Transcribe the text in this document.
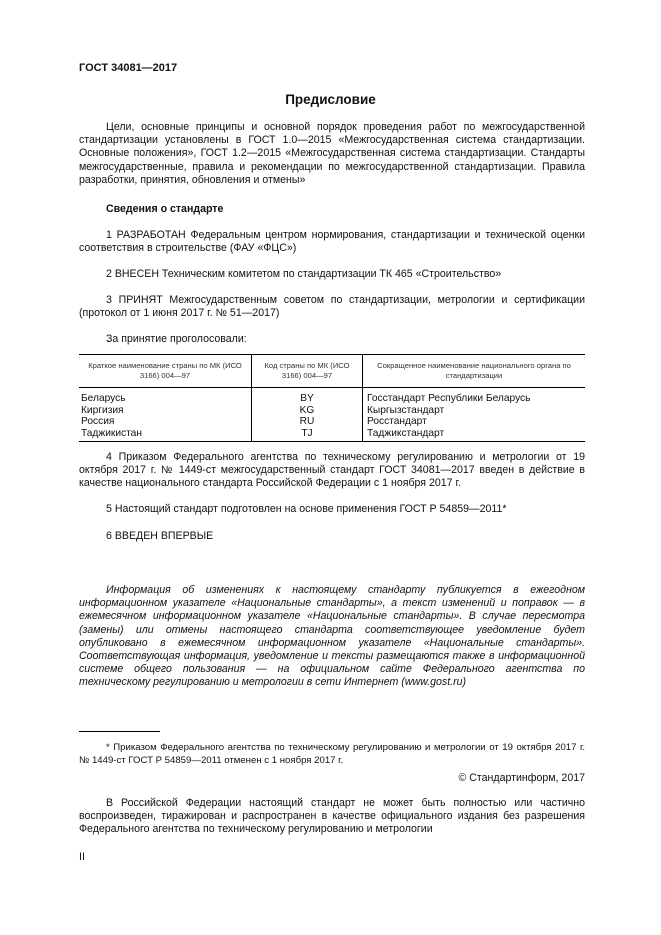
ГОСТ 34081—2017
Предисловие

Цели, основные принципы и основной порядок проведения работ по межгосударственной стандартизации установлены в ГОСТ 1.0—2015 «Межгосударственная система стандартизации. Основные положения», ГОСТ 1.2—2015 «Межгосударственная система стандартизации. Стандарты межгосударственные, правила и рекомендации по межгосударственной стандартизации. Правила разработки, принятия, обновления и отмены»

Сведения о стандарте

1 РАЗРАБОТАН Федеральным центром нормирования, стандартизации и технической оценки соответствия в строительстве (ФАУ «ФЦС»)

2 ВНЕСЕН Техническим комитетом по стандартизации ТК 465 «Строительство»

3 ПРИНЯТ Межгосударственным советом по стандартизации, метрологии и сертификации (протокол от 1 июня 2017 г. № 51—2017)

За принятие проголосовали:

Краткое наименование страны по МК (ИСО 3166) 004—97	Код страны по МК (ИСО 3166) 004—97	Сокращенное наименование национального органа по стандартизации
Беларусь	BY	Госстандарт Республики Беларусь
Киргизия	KG	Кыргызстандарт
Россия	RU	Росстандарт
Таджикистан	TJ	Таджикстандарт

4 Приказом Федерального агентства по техническому регулированию и метрологии от 19 октября 2017 г. № 1449-ст межгосударственный стандарт ГОСТ 34081—2017 введен в действие в качестве национального стандарта Российской Федерации с 1 ноября 2017 г.

5 Настоящий стандарт подготовлен на основе применения ГОСТ Р 54859—2011*

6 ВВЕДЕН ВПЕРВЫЕ

Информация об изменениях к настоящему стандарту публикуется в ежегодном информационном указателе «Национальные стандарты», а текст изменений и поправок — в ежемесячном информационном указателе «Национальные стандарты». В случае пересмотра (замены) или отмены настоящего стандарта соответствующее уведомление будет опубликовано в ежемесячном информационном указателе «Национальные стандарты». Соответствующая информация, уведомление и тексты размещаются также в информационной системе общего пользования — на официальном сайте Федерального агентства по техническому регулированию и метрологии в сети Интернет (www.gost.ru)

* Приказом Федерального агентства по техническому регулированию и метрологии от 19 октября 2017 г. № 1449-ст ГОСТ Р 54859—2011 отменен с 1 ноября 2017 г.

© Стандартинформ, 2017

В Российской Федерации настоящий стандарт не может быть полностью или частично воспроизведен, тиражирован и распространен в качестве официального издания без разрешения Федерального агентства по техническому регулированию и метрологии

II
